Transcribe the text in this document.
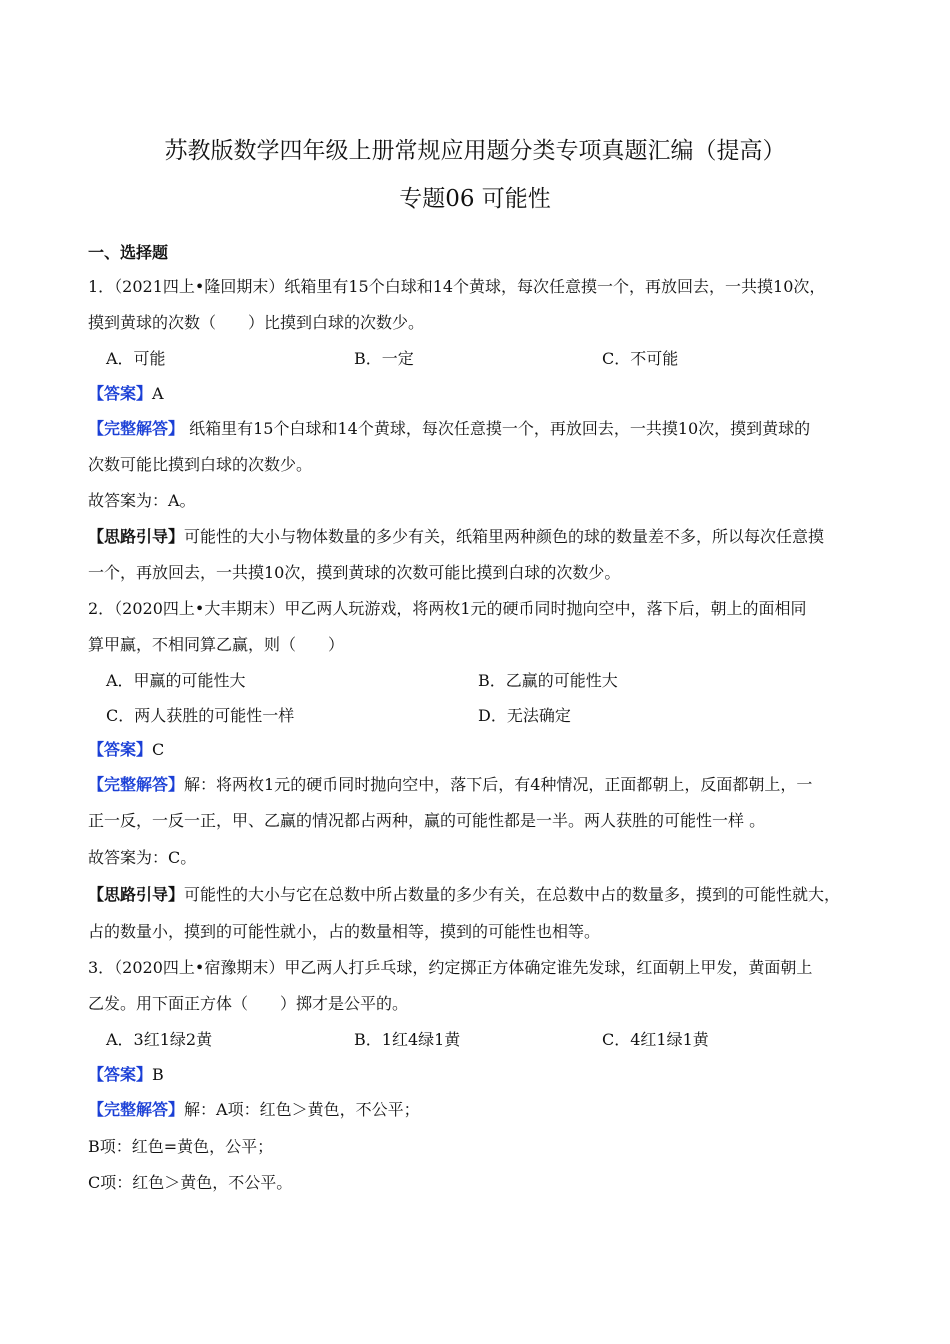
苏教版数学四年级上册常规应用题分类专项真题汇编（提高）
专题06 可能性
一、选择题
1．（2021四上•隆回期末）纸箱里有15个白球和14个黄球，每次任意摸一个，再放回去，一共摸10次，
摸到黄球的次数（　　）比摸到白球的次数少。
A．可能	B．一定	C．不可能
【答案】A
【完整解答】 纸箱里有15个白球和14个黄球，每次任意摸一个，再放回去，一共摸10次，摸到黄球的
次数可能比摸到白球的次数少。
故答案为：A。
【思路引导】可能性的大小与物体数量的多少有关，纸箱里两种颜色的球的数量差不多，所以每次任意摸
一个，再放回去，一共摸10次，摸到黄球的次数可能比摸到白球的次数少。
2．（2020四上•大丰期末）甲乙两人玩游戏，将两枚1元的硬币同时抛向空中，落下后，朝上的面相同
算甲赢，不相同算乙赢，则（　　）
A．甲赢的可能性大	B．乙赢的可能性大
C．两人获胜的可能性一样	D．无法确定
【答案】C
【完整解答】解：将两枚1元的硬币同时抛向空中，落下后，有4种情况，正面都朝上，反面都朝上，一
正一反，一反一正，甲、乙赢的情况都占两种，赢的可能性都是一半。两人获胜的可能性一样 。
故答案为：C。
【思路引导】可能性的大小与它在总数中所占数量的多少有关，在总数中占的数量多，摸到的可能性就大，
占的数量小，摸到的可能性就小，占的数量相等，摸到的可能性也相等。
3．（2020四上•宿豫期末）甲乙两人打乒乓球，约定掷正方体确定谁先发球，红面朝上甲发，黄面朝上
乙发。用下面正方体（　　）掷才是公平的。
A．3红1绿2黄	B．1红4绿1黄	C．4红1绿1黄
【答案】B
【完整解答】解：A项：红色＞黄色，不公平；
B项：红色=黄色，公平；
C项：红色＞黄色，不公平。
